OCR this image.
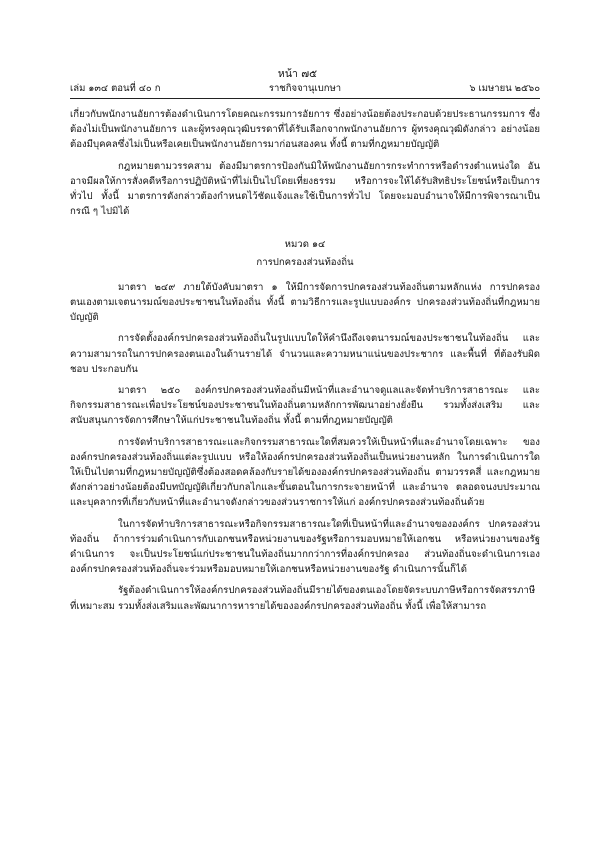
หน้า ๗๕
เล่ม ๑๓๔ ตอนที่ ๔๐ ก	ราชกิจจานุเบกษา	๖ เมษายน ๒๕๖๐

เกี่ยวกับพนักงานอัยการต้องดำเนินการโดยคณะกรรมการอัยการ ซึ่งอย่างน้อยต้องประกอบด้วยประธานกรรมการ ซึ่งต้องไม่เป็นพนักงานอัยการ และผู้ทรงคุณวุฒิบรรดาที่ได้รับเลือกจากพนักงานอัยการ ผู้ทรงคุณวุฒิดังกล่าว อย่างน้อยต้องมีบุคคลซึ่งไม่เป็นหรือเคยเป็นพนักงานอัยการมาก่อนสองคน ทั้งนี้ ตามที่กฎหมายบัญญัติ

กฎหมายตามวรรคสาม ต้องมีมาตรการป้องกันมิให้พนักงานอัยการกระทำการหรือดำรงตำแหน่งใด อันอาจมีผลให้การสั่งคดีหรือการปฏิบัติหน้าที่ไม่เป็นไปโดยเที่ยงธรรม หรือการจะให้ได้รับสิทธิประโยชน์หรือเป็นการทั่วไป ทั้งนี้ มาตรการดังกล่าวต้องกำหนดไว้ชัดแจ้งและใช้เป็นการทั่วไป โดยจะมอบอำนาจให้มีการพิจารณาเป็นกรณี ๆ ไปมิได้

หมวด ๑๔
การปกครองส่วนท้องถิ่น

มาตรา ๒๔๙ ภายใต้บังคับมาตรา ๑ ให้มีการจัดการปกครองส่วนท้องถิ่นตามหลักแห่ง การปกครองตนเองตามเจตนารมณ์ของประชาชนในท้องถิ่น ทั้งนี้ ตามวิธีการและรูปแบบองค์กร ปกครองส่วนท้องถิ่นที่กฎหมายบัญญัติ

การจัดตั้งองค์กรปกครองส่วนท้องถิ่นในรูปแบบใดให้คำนึงถึงเจตนารมณ์ของประชาชนในท้องถิ่น และความสามารถในการปกครองตนเองในด้านรายได้ จำนวนและความหนาแน่นของประชากร และพื้นที่ ที่ต้องรับผิดชอบ ประกอบกัน

มาตรา ๒๕๐ องค์กรปกครองส่วนท้องถิ่นมีหน้าที่และอำนาจดูแลและจัดทำบริการสาธารณะ และกิจกรรมสาธารณะเพื่อประโยชน์ของประชาชนในท้องถิ่นตามหลักการพัฒนาอย่างยั่งยืน รวมทั้งส่งเสริม และสนับสนุนการจัดการศึกษาให้แก่ประชาชนในท้องถิ่น ทั้งนี้ ตามที่กฎหมายบัญญัติ

การจัดทำบริการสาธารณะและกิจกรรมสาธารณะใดที่สมควรให้เป็นหน้าที่และอำนาจโดยเฉพาะ ขององค์กรปกครองส่วนท้องถิ่นแต่ละรูปแบบ หรือให้องค์กรปกครองส่วนท้องถิ่นเป็นหน่วยงานหลัก ในการดำเนินการใด ให้เป็นไปตามที่กฎหมายบัญญัติซึ่งต้องสอดคล้องกับรายได้ขององค์กรปกครองส่วนท้องถิ่น ตามวรรคสี่ และกฎหมายดังกล่าวอย่างน้อยต้องมีบทบัญญัติเกี่ยวกับกลไกและขั้นตอนในการกระจายหน้าที่ และอำนาจ ตลอดจนงบประมาณและบุคลากรที่เกี่ยวกับหน้าที่และอำนาจดังกล่าวของส่วนราชการให้แก่ องค์กรปกครองส่วนท้องถิ่นด้วย

ในการจัดทำบริการสาธารณะหรือกิจกรรมสาธารณะใดที่เป็นหน้าที่และอำนาจขององค์กร ปกครองส่วนท้องถิ่น ถ้าการร่วมดำเนินการกับเอกชนหรือหน่วยงานของรัฐหรือการมอบหมายให้เอกชน หรือหน่วยงานของรัฐดำเนินการ จะเป็นประโยชน์แก่ประชาชนในท้องถิ่นมากกว่าการที่องค์กรปกครอง ส่วนท้องถิ่นจะดำเนินการเอง องค์กรปกครองส่วนท้องถิ่นจะร่วมหรือมอบหมายให้เอกชนหรือหน่วยงานของรัฐ ดำเนินการนั้นก็ได้

รัฐต้องดำเนินการให้องค์กรปกครองส่วนท้องถิ่นมีรายได้ของตนเองโดยจัดระบบภาษีหรือการจัดสรรภาษี ที่เหมาะสม รวมทั้งส่งเสริมและพัฒนาการหารายได้ขององค์กรปกครองส่วนท้องถิ่น ทั้งนี้ เพื่อให้สามารถ
